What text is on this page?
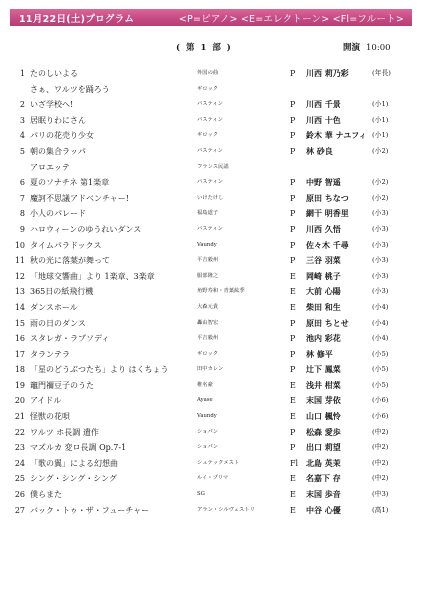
11月22日(土)プログラム	<P=ピアノ> <E=エレクトーン> <Fl=フルート>
( 第 1 部 )	開演 10:00
1 たのしいよる	外国の曲	P 川西 莉乃彩	(年長)
さぁ、ワルツを踊ろう	ギロック
2 いざ学校へ!	バスティン	P 川西 千景	(小1)
3 居眠りわにさん	バスティン	P 川西 十色	(小1)
4 パリの花売り少女	ギロック	P 鈴木 華 ナユフィ (小1)
5 朝の集合ラッパ	バスティン	P 林 砂良	(小2)
アロエッテ	フランス民謡
6 夏のソナチネ 第1楽章	バスティン	P 中野 智遥	(小2)
7 魔訶不思議アドベンチャー!	いけたけし	P 原田 ちなつ	(小2)
8 小人のパレード	福島道子	P 網干 明香里	(小3)
9 ハロウィーンのゆうれいダンス	バスティン	P 川西 久悟	(小3)
10 タイムパラドックス	Vaundy	P 佐々木 千尋	(小3)
11 秋の光に落葉が舞って	平吉毅州	P 三谷 羽菜	(小3)
12 「地球交響曲」より 1楽章、3楽章	服部隆之	E 岡崎 桃子	(小3)
13 365日の紙飛行機	角野寿和・青葉紘季	E 大前 心陽	(小3)
14 ダンスホール	大森元貴	E 柴田 和生	(小4)
15 雨の日のダンス	轟由智宏	P 原田 ちとせ	(小4)
16 スタレガ・ラプソディ	平吉毅州	P 池内 彩花	(小4)
17 タランテラ	ギロック	P 林 修平	(小5)
18 「星のどうぶつたち」より はくちょう	田中カレン	P 辻下 鳳菜	(小5)
19 竈門禰豆子のうた	椎名豪	E 浅井 柑菜	(小5)
20 アイドル	Ayase	E 末国 芽依	(小6)
21 怪獣の花唄	Vaundy	E 山口 楓怜	(小6)
22 ワルツ ホ長調 遺作	ショパン	P 松森 愛歩	(中2)
23 マズルカ 変ロ長調 Op.7-1	ショパン	P 出口 莉望	(中2)
24 「歌の翼」による幻想曲	シュテックメスト	Fl 北島 英茉	(中2)
25 シング・シング・シング	ルイ・プリマ	E 名嘉下 存	(中2)
26 僕らまた	SG	E 末国 歩音	(中3)
27 バック・トゥ・ザ・フューチャー	アラン・シルヴェストリ	E 中谷 心優	(高1)
